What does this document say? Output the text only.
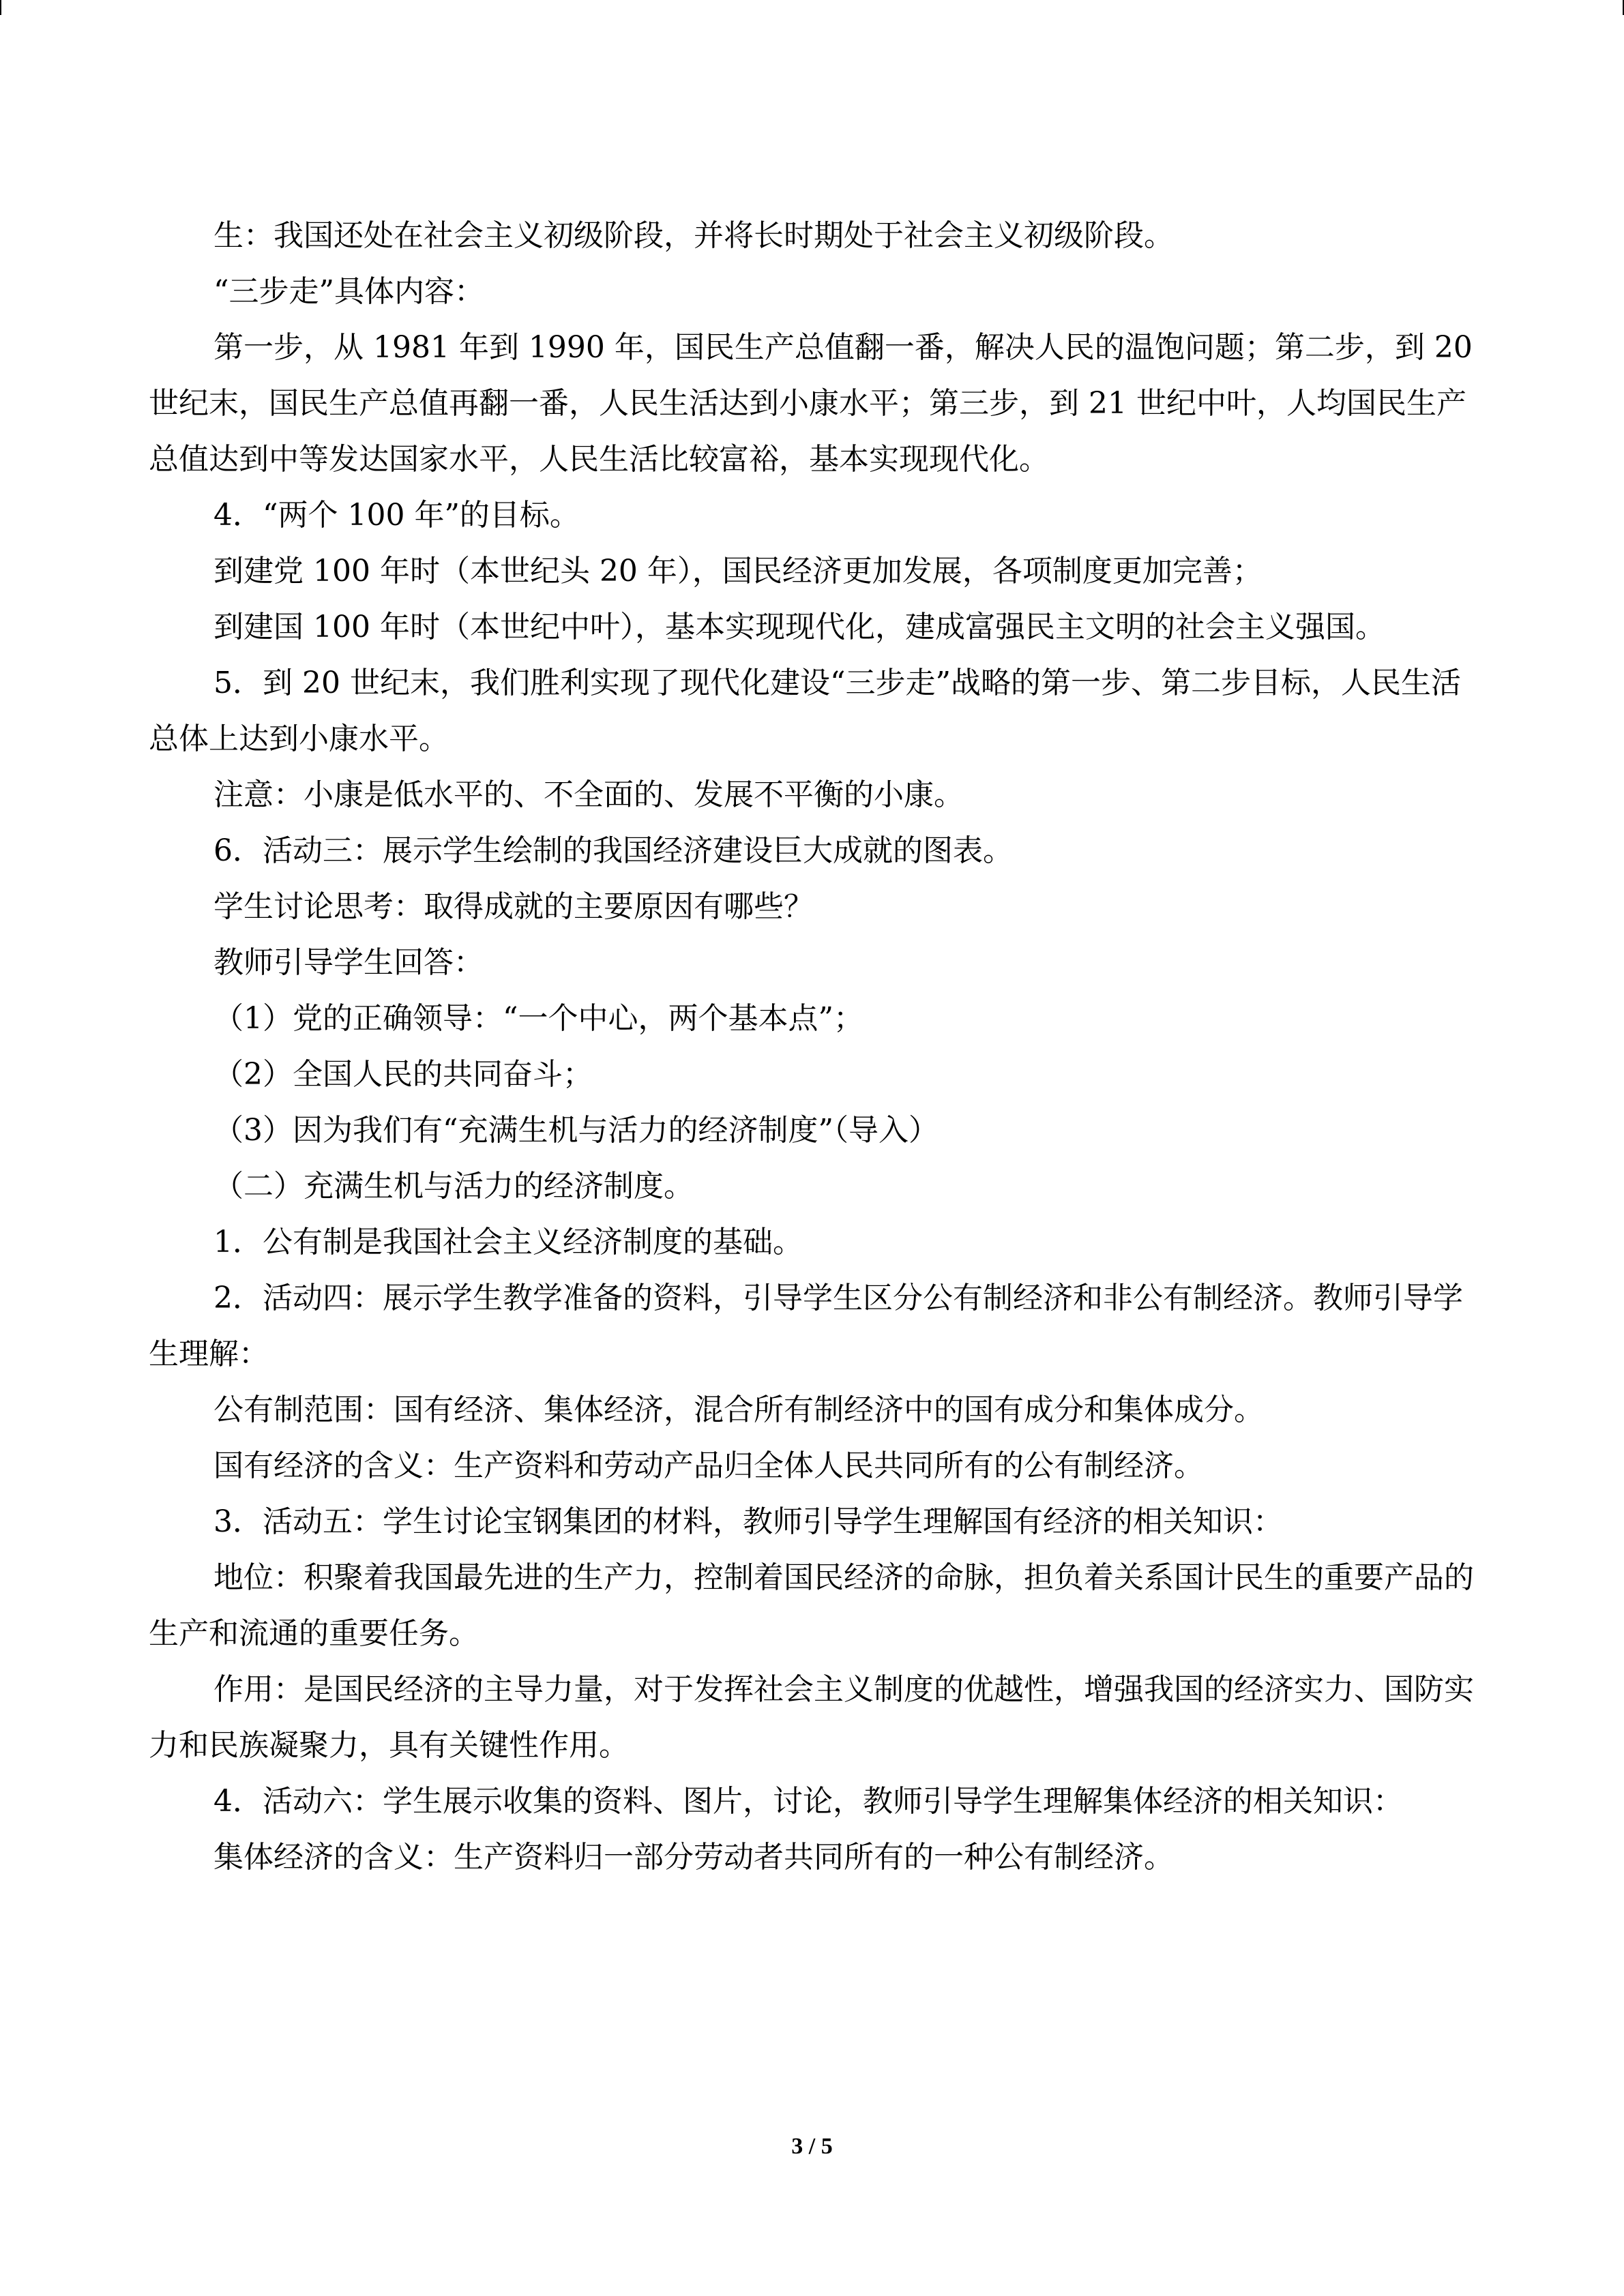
生：我国还处在社会主义初级阶段，并将长时期处于社会主义初级阶段。

“三步走”具体内容：

第一步，从 1981 年到 1990 年，国民生产总值翻一番，解决人民的温饱问题；第二步，到 20 世纪末，国民生产总值再翻一番，人民生活达到小康水平；第三步，到 21 世纪中叶，人均国民生产总值达到中等发达国家水平，人民生活比较富裕，基本实现现代化。

4．“两个 100 年”的目标。

到建党 100 年时（本世纪头 20 年），国民经济更加发展，各项制度更加完善；

到建国 100 年时（本世纪中叶），基本实现现代化，建成富强民主文明的社会主义强国。

5．到 20 世纪末，我们胜利实现了现代化建设“三步走”战略的第一步、第二步目标，人民生活总体上达到小康水平。

注意：小康是低水平的、不全面的、发展不平衡的小康。

6．活动三：展示学生绘制的我国经济建设巨大成就的图表。

学生讨论思考：取得成就的主要原因有哪些？

教师引导学生回答：

（1）党的正确领导：“一个中心，两个基本点”；

（2）全国人民的共同奋斗；

（3）因为我们有“充满生机与活力的经济制度”（导入）

（二）充满生机与活力的经济制度。

1．公有制是我国社会主义经济制度的基础。

2．活动四：展示学生教学准备的资料，引导学生区分公有制经济和非公有制经济。教师引导学生理解：

公有制范围：国有经济、集体经济，混合所有制经济中的国有成分和集体成分。

国有经济的含义：生产资料和劳动产品归全体人民共同所有的公有制经济。

3．活动五：学生讨论宝钢集团的材料，教师引导学生理解国有经济的相关知识：

地位：积聚着我国最先进的生产力，控制着国民经济的命脉，担负着关系国计民生的重要产品的生产和流通的重要任务。

作用：是国民经济的主导力量，对于发挥社会主义制度的优越性，增强我国的经济实力、国防实力和民族凝聚力，具有关键性作用。

4．活动六：学生展示收集的资料、图片，讨论，教师引导学生理解集体经济的相关知识：

集体经济的含义：生产资料归一部分劳动者共同所有的一种公有制经济。

3 / 5
